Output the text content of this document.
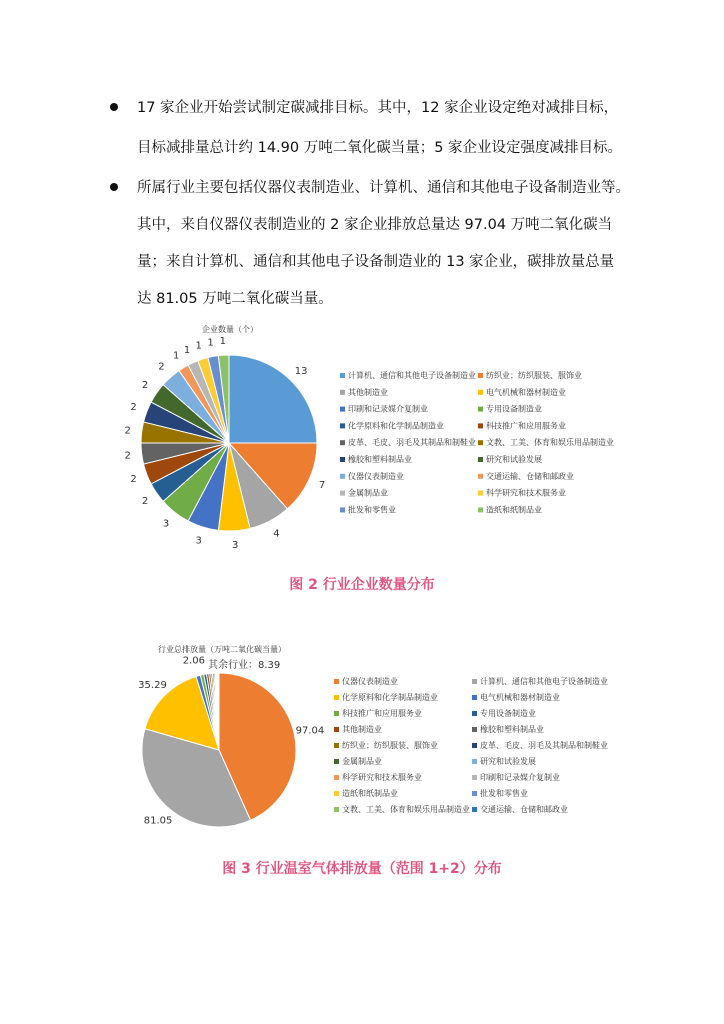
17 家企业开始尝试制定碳减排目标。其中，12 家企业设定绝对减排目标，
目标减排量总计约 14.90 万吨二氧化碳当量；5 家企业设定强度减排目标。
所属行业主要包括仪器仪表制造业、计算机、通信和其他电子设备制造业等。
其中，来自仪器仪表制造业的 2 家企业排放总量达 97.04 万吨二氧化碳当
量；来自计算机、通信和其他电子设备制造业的 13 家企业，碳排放量总量
达 81.05 万吨二氧化碳当量。
企业数量（个）
13
7
4
3
3
3
2
2
2
2
2
2
2
1
1 1 1 1
计算机、通信和其他电子设备制造业 纺织业；纺织服装、服饰业
其他制造业	电气机械和器材制造业
印刷和记录媒介复制业	专用设备制造业
化学原料和化学制品制造业	科技推广和应用服务业
皮革、毛皮、羽毛及其制品和制鞋业 文教、工美、体育和娱乐用品制造业
橡胶和塑料制品业	研究和试验发展
仪器仪表制造业	交通运输、仓储和邮政业
金属制品业	科学研究和技术服务业
批发和零售业	造纸和纸制品业
图 2 行业企业数量分布
行业总排放量（万吨二氧化碳当量）
其余行业：8.39
97.04
81.05
35.29
2.06
仪器仪表制造业	计算机、通信和其他电子设备制造业
化学原料和化学制品制造业	电气机械和器材制造业
科技推广和应用服务业	专用设备制造业
其他制造业	橡胶和塑料制品业
纺织业；纺织服装、服饰业	皮革、毛皮、羽毛及其制品和制鞋业
金属制品业	研究和试验发展
科学研究和技术服务业	印刷和记录媒介复制业
造纸和纸制品业	批发和零售业
文教、工美、体育和娱乐用品制造业 交通运输、仓储和邮政业
图 3 行业温室气体排放量（范围 1+2）分布
